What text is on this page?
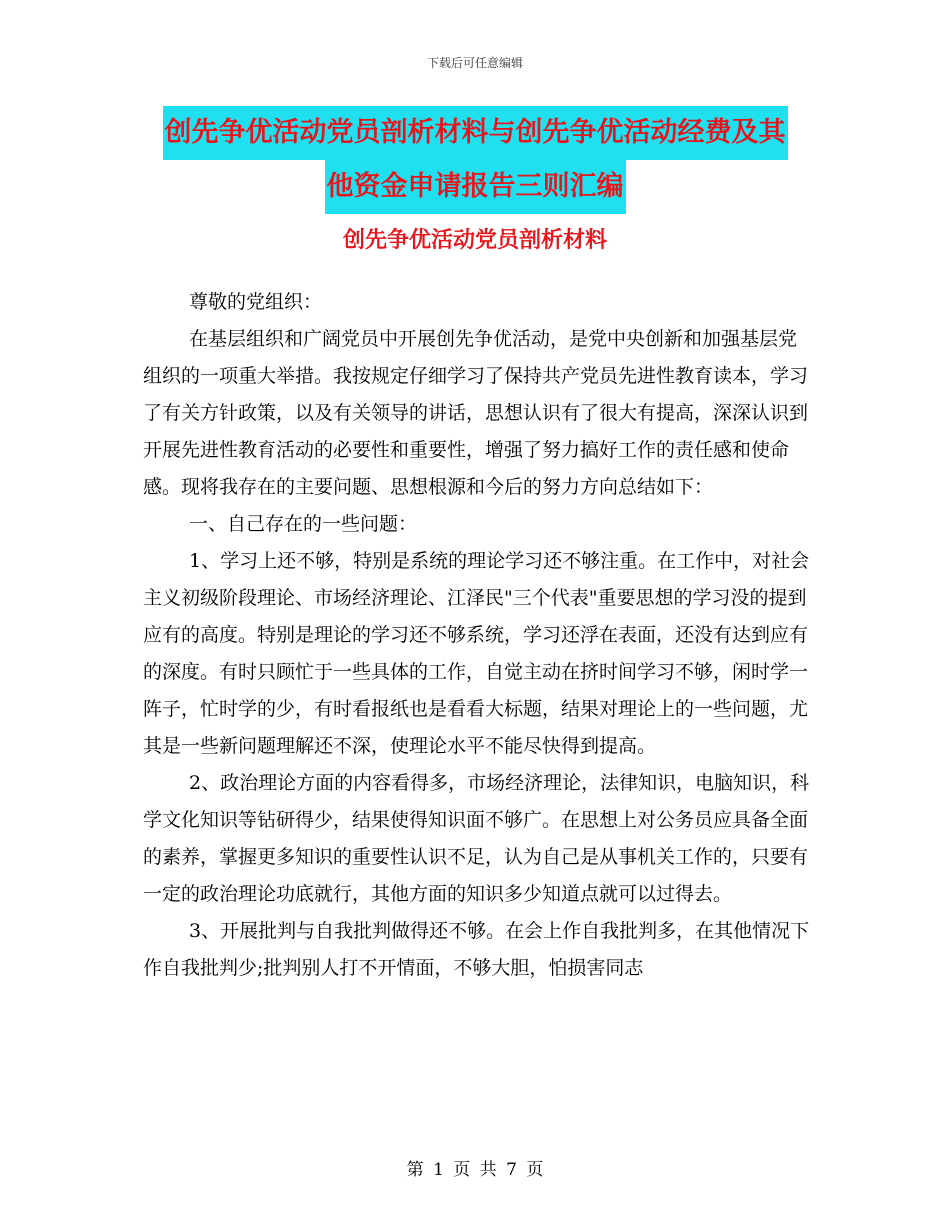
下载后可任意编辑
创先争优活动党员剖析材料与创先争优活动经费及其
他资金申请报告三则汇编
创先争优活动党员剖析材料

尊敬的党组织：

在基层组织和广阔党员中开展创先争优活动，是党中央创新和加强基层党组织的一项重大举措。我按规定仔细学习了保持共产党员先进性教育读本，学习了有关方针政策，以及有关领导的讲话，思想认识有了很大有提高，深深认识到开展先进性教育活动的必要性和重要性，增强了努力搞好工作的责任感和使命感。现将我存在的主要问题、思想根源和今后的努力方向总结如下：

一、自己存在的一些问题：

1、学习上还不够，特别是系统的理论学习还不够注重。在工作中，对社会主义初级阶段理论、市场经济理论、江泽民"三个代表"重要思想的学习没的提到应有的高度。特别是理论的学习还不够系统，学习还浮在表面，还没有达到应有的深度。有时只顾忙于一些具体的工作，自觉主动在挤时间学习不够，闲时学一阵子，忙时学的少，有时看报纸也是看看大标题，结果对理论上的一些问题，尤其是一些新问题理解还不深，使理论水平不能尽快得到提高。

2、政治理论方面的内容看得多，市场经济理论，法律知识，电脑知识，科学文化知识等钻研得少，结果使得知识面不够广。在思想上对公务员应具备全面的素养，掌握更多知识的重要性认识不足，认为自己是从事机关工作的，只要有一定的政治理论功底就行，其他方面的知识多少知道点就可以过得去。

3、开展批判与自我批判做得还不够。在会上作自我批判多，在其他情况下作自我批判少;批判别人打不开情面，不够大胆，怕损害同志

第 1 页 共 7 页
